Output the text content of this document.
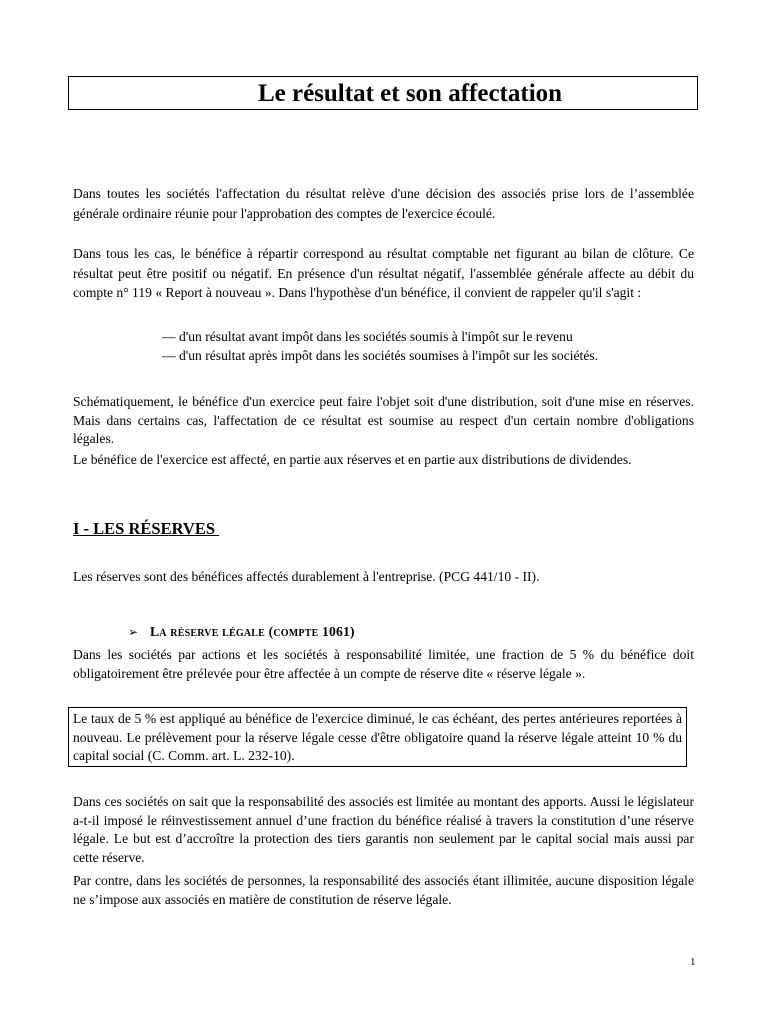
Le résultat et son affectation

Dans toutes les sociétés l'affectation du résultat relève d'une décision des associés prise lors de l’assemblée générale ordinaire réunie pour l'approbation des comptes de l'exercice écoulé.

Dans tous les cas, le bénéfice à répartir correspond au résultat comptable net figurant au bilan de clôture. Ce résultat peut être positif ou négatif. En présence d'un résultat négatif, l'assemblée générale affecte au débit du compte n° 119 « Report à nouveau ». Dans l'hypothèse d'un bénéfice, il convient de rappeler qu'il s'agit :

— d'un résultat avant impôt dans les sociétés soumis à l'impôt sur le revenu
— d'un résultat après impôt dans les sociétés soumises à l'impôt sur les sociétés.

Schématiquement, le bénéfice d'un exercice peut faire l'objet soit d'une distribution, soit d'une mise en réserves. Mais dans certains cas, l'affectation de ce résultat est soumise au respect d'un certain nombre d'obligations légales.

Le bénéfice de l'exercice est affecté, en partie aux réserves et en partie aux distributions de dividendes.

I - LES RÉSERVES

Les réserves sont des bénéfices affectés durablement à l'entreprise. (PCG 441/10 - II).

➢ La réserve légale (compte 1061)

Dans les sociétés par actions et les sociétés à responsabilité limitée, une fraction de 5 % du bénéfice doit obligatoirement être prélevée pour être affectée à un compte de réserve dite « réserve légale ».

Le taux de 5 % est appliqué au bénéfice de l'exercice diminué, le cas échéant, des pertes antérieures reportées à nouveau. Le prélèvement pour la réserve légale cesse d'être obligatoire quand la réserve légale atteint 10 % du capital social (C. Comm. art. L. 232-10).

Dans ces sociétés on sait que la responsabilité des associés est limitée au montant des apports. Aussi le législateur a-t-il imposé le réinvestissement annuel d’une fraction du bénéfice réalisé à travers la constitution d’une réserve légale. Le but est d’accroître la protection des tiers garantis non seulement par le capital social mais aussi par cette réserve.

Par contre, dans les sociétés de personnes, la responsabilité des associés étant illimitée, aucune disposition légale ne s’impose aux associés en matière de constitution de réserve légale.

1
